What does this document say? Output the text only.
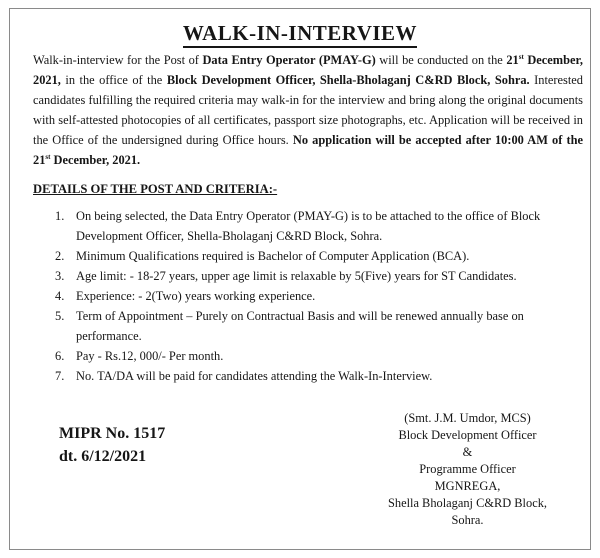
WALK-IN-INTERVIEW
Walk-in-interview for the Post of Data Entry Operator (PMAY-G) will be conducted on the 21st December, 2021, in the office of the Block Development Officer, Shella-Bholaganj C&RD Block, Sohra. Interested candidates fulfilling the required criteria may walk-in for the interview and bring along the original documents with self-attested photocopies of all certificates, passport size photographs, etc. Application will be received in the Office of the undersigned during Office hours. No application will be accepted after 10:00 AM of the 21st December, 2021.
DETAILS OF THE POST AND CRITERIA:-
1. On being selected, the Data Entry Operator (PMAY-G) is to be attached to the office of Block Development Officer, Shella-Bholaganj C&RD Block, Sohra.
2. Minimum Qualifications required is Bachelor of Computer Application (BCA).
3. Age limit: - 18-27 years, upper age limit is relaxable by 5(Five) years for ST Candidates.
4. Experience: - 2(Two) years working experience.
5. Term of Appointment – Purely on Contractual Basis and will be renewed annually base on performance.
6. Pay - Rs.12, 000/- Per month.
7. No. TA/DA will be paid for candidates attending the Walk-In-Interview.
MIPR No. 1517
dt. 6/12/2021
(Smt. J.M. Umdor, MCS)
Block Development Officer
&
Programme Officer
MGNREGA,
Shella Bholaganj C&RD Block,
Sohra.
